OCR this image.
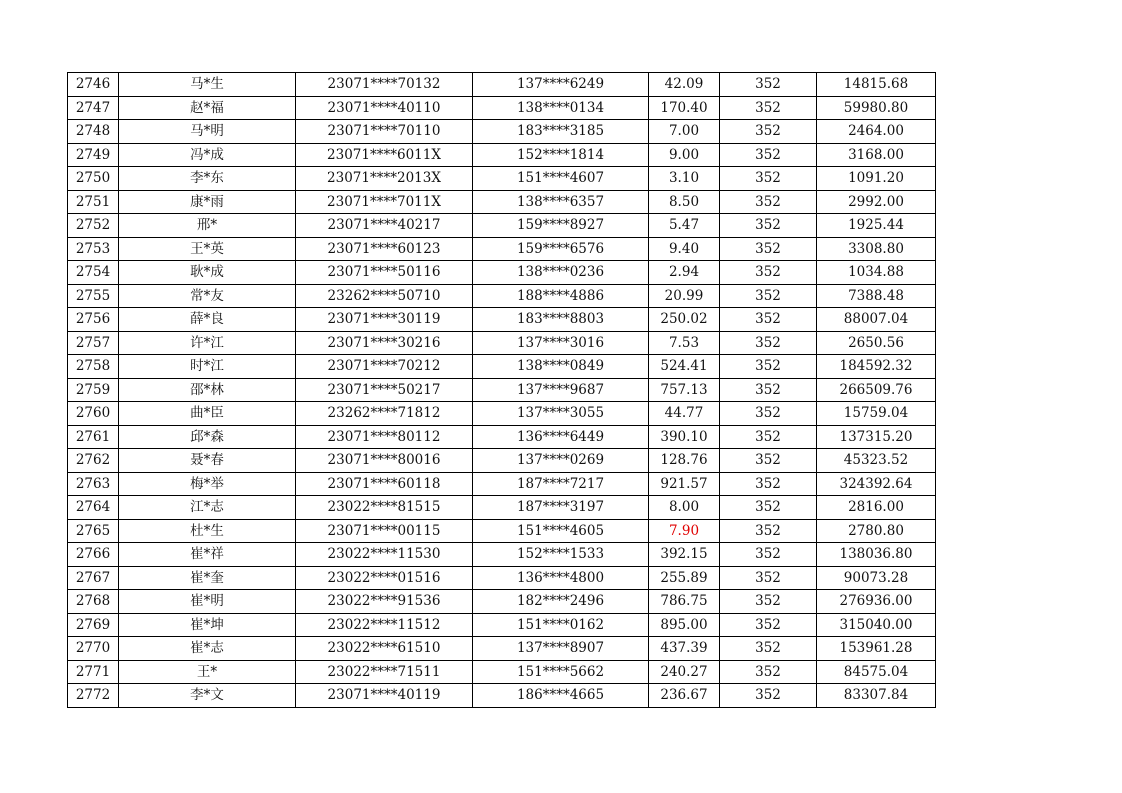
2746	马*生	23071****70132	137****6249	42.09	352	14815.68
2747	赵*福	23071****40110	138****0134	170.40	352	59980.80
2748	马*明	23071****70110	183****3185	7.00	352	2464.00
2749	冯*成	23071****6011X	152****1814	9.00	352	3168.00
2750	李*东	23071****2013X	151****4607	3.10	352	1091.20
2751	康*雨	23071****7011X	138****6357	8.50	352	2992.00
2752	邢*	23071****40217	159****8927	5.47	352	1925.44
2753	王*英	23071****60123	159****6576	9.40	352	3308.80
2754	耿*成	23071****50116	138****0236	2.94	352	1034.88
2755	常*友	23262****50710	188****4886	20.99	352	7388.48
2756	薛*良	23071****30119	183****8803	250.02	352	88007.04
2757	许*江	23071****30216	137****3016	7.53	352	2650.56
2758	时*江	23071****70212	138****0849	524.41	352	184592.32
2759	邵*林	23071****50217	137****9687	757.13	352	266509.76
2760	曲*臣	23262****71812	137****3055	44.77	352	15759.04
2761	邱*森	23071****80112	136****6449	390.10	352	137315.20
2762	聂*春	23071****80016	137****0269	128.76	352	45323.52
2763	梅*举	23071****60118	187****7217	921.57	352	324392.64
2764	江*志	23022****81515	187****3197	8.00	352	2816.00
2765	杜*生	23071****00115	151****4605	7.90	352	2780.80
2766	崔*祥	23022****11530	152****1533	392.15	352	138036.80
2767	崔*奎	23022****01516	136****4800	255.89	352	90073.28
2768	崔*明	23022****91536	182****2496	786.75	352	276936.00
2769	崔*坤	23022****11512	151****0162	895.00	352	315040.00
2770	崔*志	23022****61510	137****8907	437.39	352	153961.28
2771	王*	23022****71511	151****5662	240.27	352	84575.04
2772	李*文	23071****40119	186****4665	236.67	352	83307.84
